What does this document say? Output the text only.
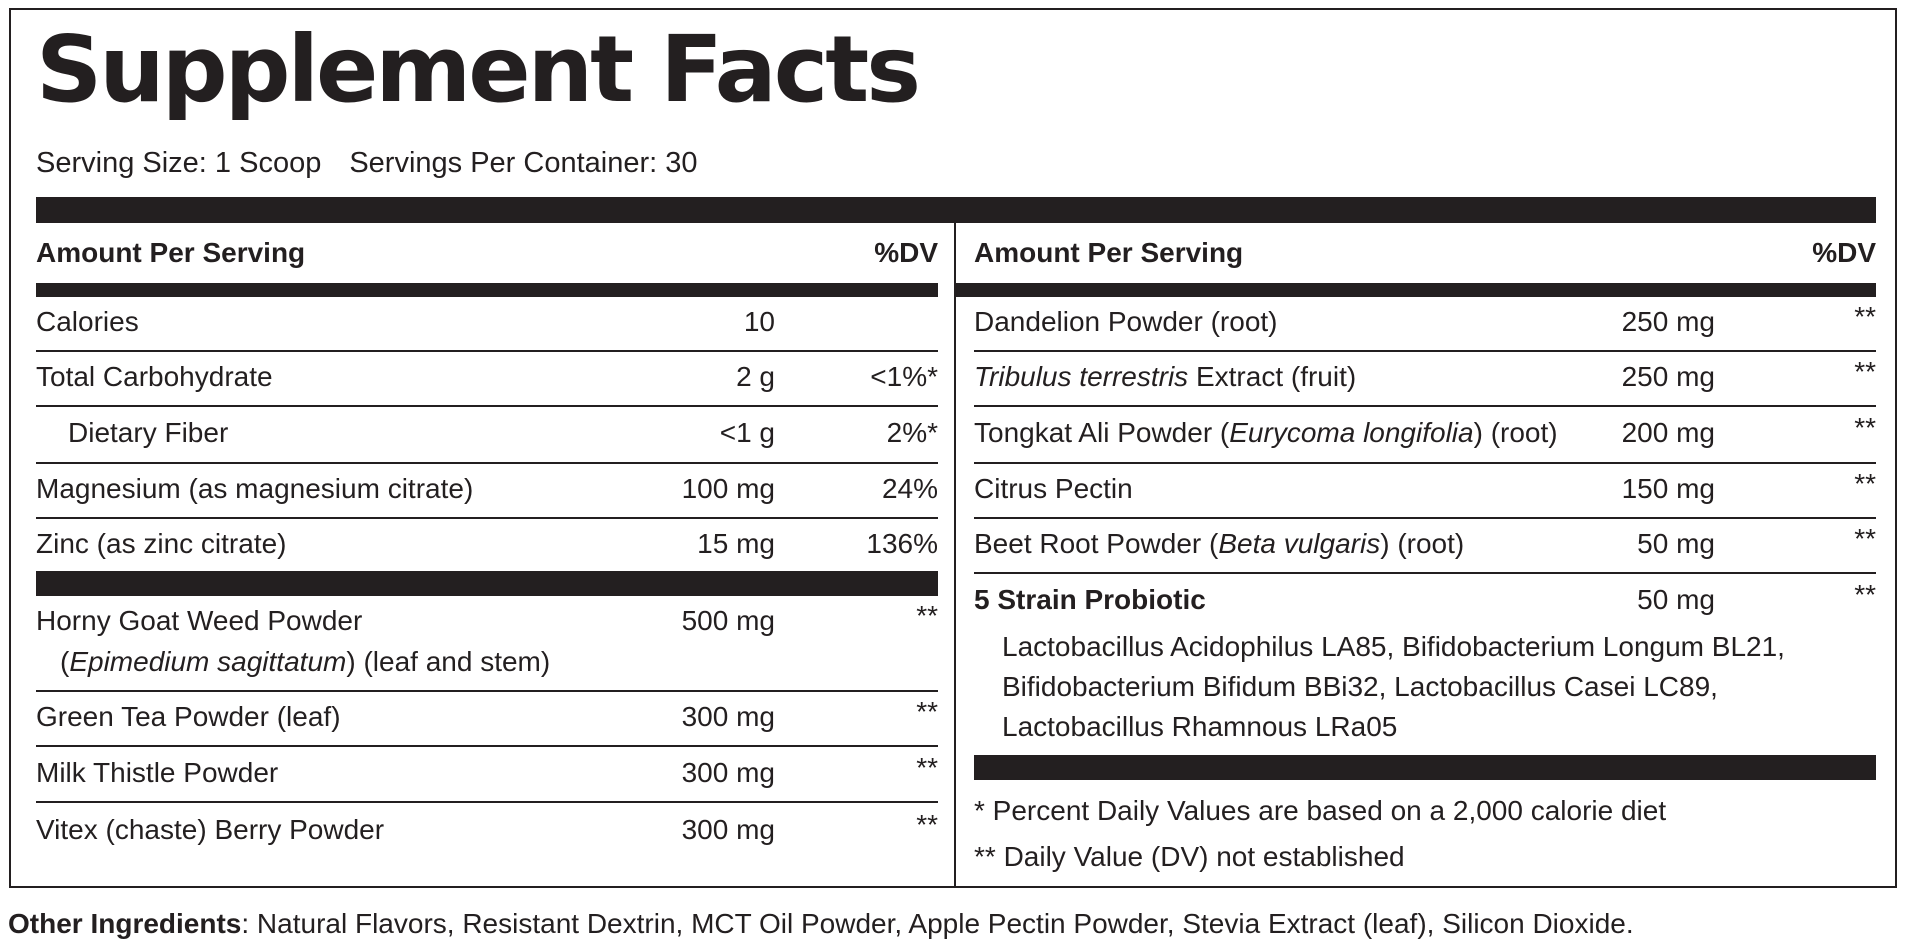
Supplement Facts
Serving Size: 1 Scoop Servings Per Container: 30
Amount Per Serving	%DV
Calories	10
Total Carbohydrate	2 g	<1%*
Dietary Fiber	<1 g	2%*
Magnesium (as magnesium citrate)	100 mg	24%
Zinc (as zinc citrate)	15 mg	136%
Horny Goat Weed Powder
(Epimedium sagittatum) (leaf and stem)
500 mg	**
Green Tea Powder (leaf)	300 mg	**
Milk Thistle Powder	300 mg	**
Vitex (chaste) Berry Powder	300 mg	**
Amount Per Serving	%DV
Dandelion Powder (root)	250 mg	**
Tribulus terrestris Extract (fruit)	250 mg	**
Tongkat Ali Powder (Eurycoma longifolia) (root)	200 mg	**
Citrus Pectin	150 mg	**
Beet Root Powder (Beta vulgaris) (root)	50 mg	**
5 Strain Probiotic	50 mg	**
Lactobacillus Acidophilus LA85, Bifidobacterium Longum BL21,
Bifidobacterium Bifidum BBi32, Lactobacillus Casei LC89,
Lactobacillus Rhamnous LRa05
* Percent Daily Values are based on a 2,000 calorie diet
** Daily Value (DV) not established
Other Ingredients: Natural Flavors, Resistant Dextrin, MCT Oil Powder, Apple Pectin Powder, Stevia Extract (leaf), Silicon Dioxide.
